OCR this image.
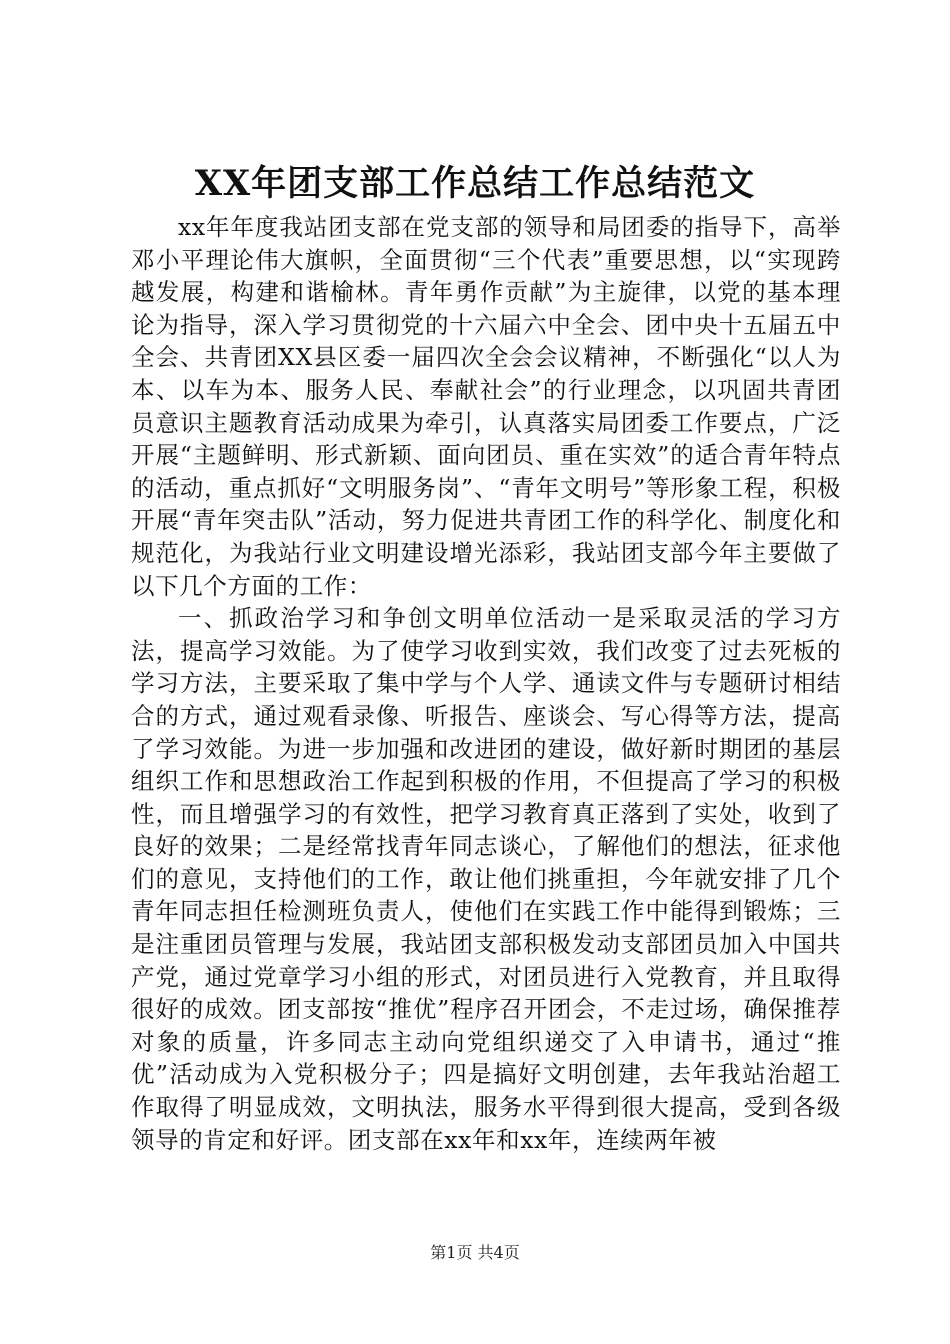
XX年团支部工作总结工作总结范文

xx年年度我站团支部在党支部的领导和局团委的指导下，高举邓小平理论伟大旗帜，全面贯彻“三个代表”重要思想，以“实现跨越发展，构建和谐榆林。青年勇作贡献”为主旋律，以党的基本理论为指导，深入学习贯彻党的十六届六中全会、团中央十五届五中全会、共青团XX县区委一届四次全会会议精神，不断强化“以人为本、以车为本、服务人民、奉献社会”的行业理念，以巩固共青团员意识主题教育活动成果为牵引，认真落实局团委工作要点，广泛开展“主题鲜明、形式新颖、面向团员、重在实效”的适合青年特点的活动，重点抓好“文明服务岗”、“青年文明号”等形象工程，积极开展“青年突击队”活动，努力促进共青团工作的科学化、制度化和规范化，为我站行业文明建设增光添彩，我站团支部今年主要做了以下几个方面的工作：

一、抓政治学习和争创文明单位活动一是采取灵活的学习方法，提高学习效能。为了使学习收到实效，我们改变了过去死板的学习方法，主要采取了集中学与个人学、通读文件与专题研讨相结合的方式，通过观看录像、听报告、座谈会、写心得等方法，提高了学习效能。为进一步加强和改进团的建设，做好新时期团的基层组织工作和思想政治工作起到积极的作用，不但提高了学习的积极性，而且增强学习的有效性，把学习教育真正落到了实处，收到了良好的效果；二是经常找青年同志谈心，了解他们的想法，征求他们的意见，支持他们的工作，敢让他们挑重担，今年就安排了几个青年同志担任检测班负责人，使他们在实践工作中能得到锻炼；三是注重团员管理与发展，我站团支部积极发动支部团员加入中国共产党，通过党章学习小组的形式，对团员进行入党教育，并且取得很好的成效。团支部按“推优”程序召开团会，不走过场，确保推荐对象的质量，许多同志主动向党组织递交了入申请书，通过“推优”活动成为入党积极分子；四是搞好文明创建，去年我站治超工作取得了明显成效，文明执法，服务水平得到很大提高，受到各级领导的肯定和好评。团支部在xx年和xx年，连续两年被

第1页 共4页
